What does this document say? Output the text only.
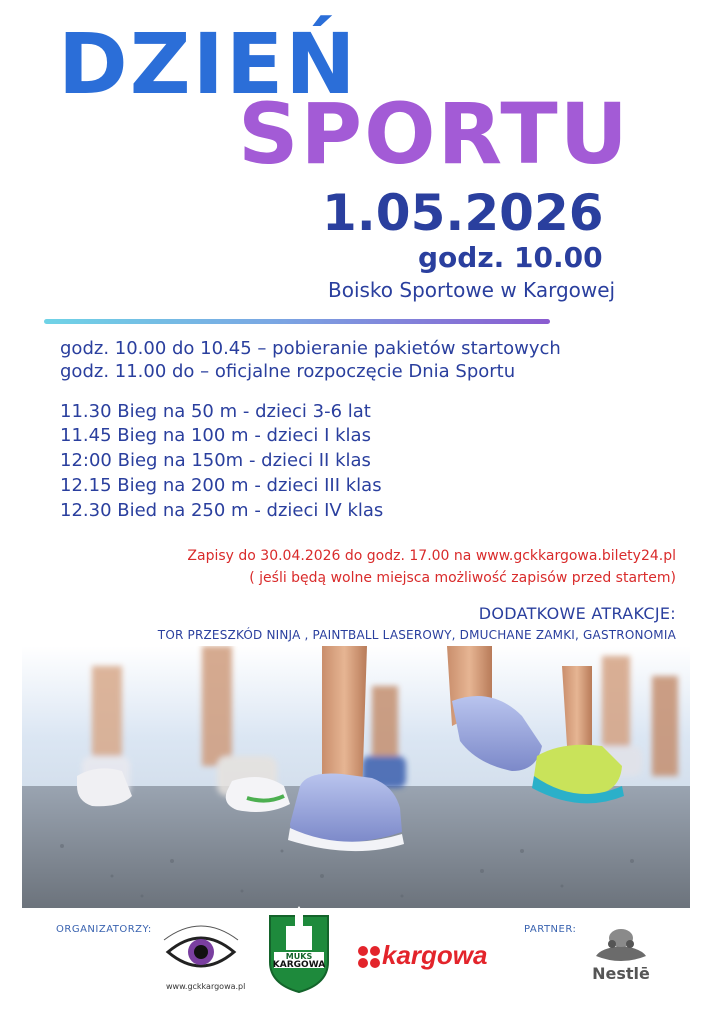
DZIEŃ
SPORTU
1.05.2026
godz. 10.00
Boisko Sportowe w Kargowej
godz. 10.00 do 10.45 – pobieranie pakietów startowych
godz. 11.00 do – oficjalne rozpoczęcie Dnia Sportu
11.30 Bieg na 50 m - dzieci 3-6 lat
11.45 Bieg na 100 m - dzieci I klas
12:00 Bieg na 150m - dzieci II klas
12.15 Bieg na 200 m - dzieci III klas
12.30 Bied na 250 m - dzieci IV klas
Zapisy do 30.04.2026 do godz. 17.00 na www.gckkargowa.bilety24.pl
( jeśli będą wolne miejsca możliwość zapisów przed startem)
DODATKOWE ATRAKCJE:
TOR PRZESZKÓD NINJA , PAINTBALL LASEROWY, DMUCHANE ZAMKI, GASTRONOMIA
ORGANIZATORZY:	PARTNER:
www.gckkargowa.pl
MUKS
KARGOWA kargowa
Nestlē
